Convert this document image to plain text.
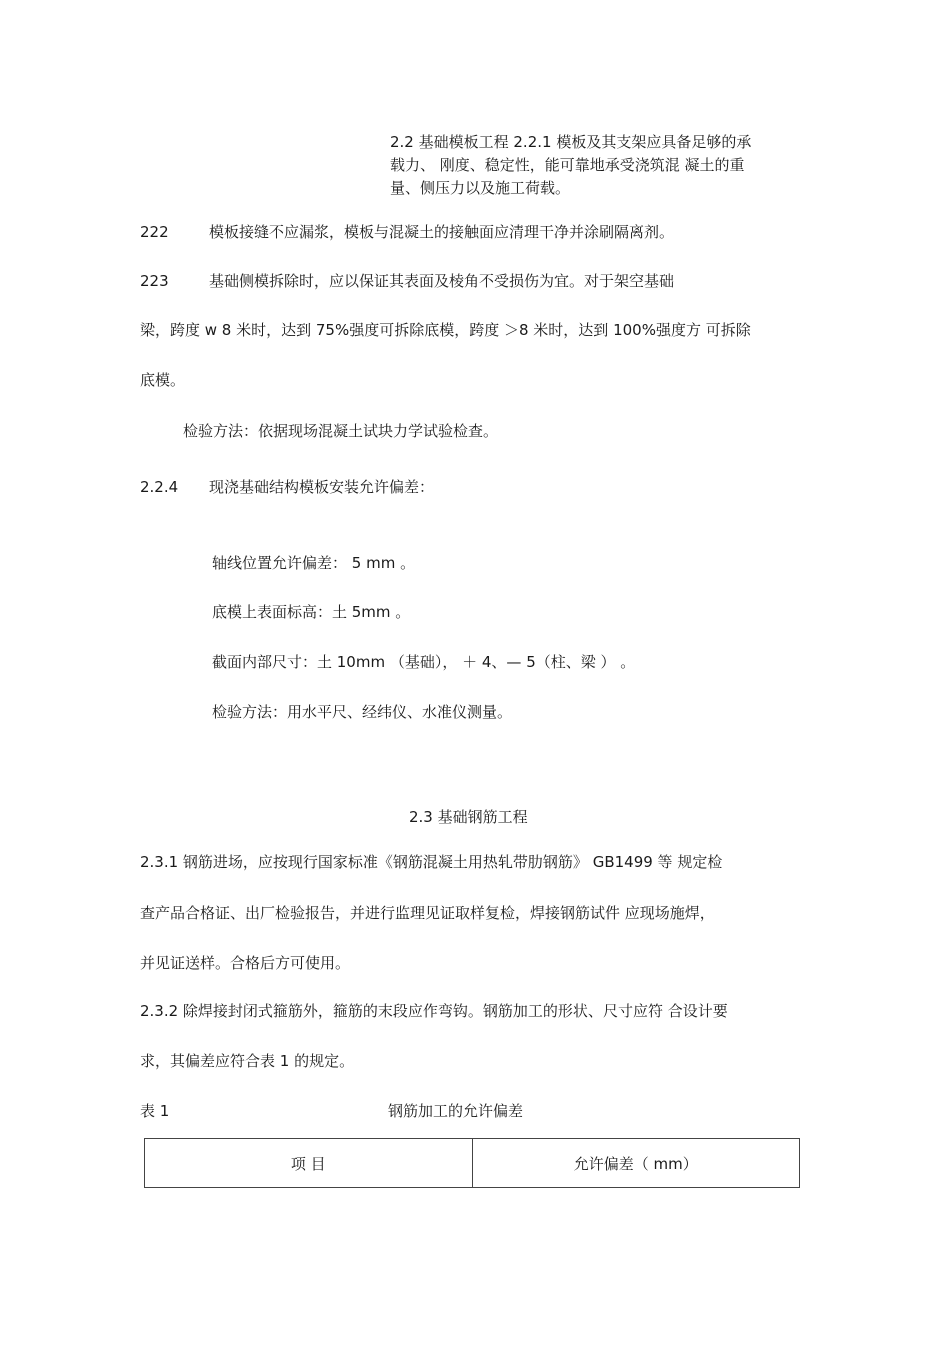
2.2 基础模板工程 2.2.1 模板及其支架应具备足够的承
载力、 刚度、稳定性，能可靠地承受浇筑混 凝土的重
量、侧压力以及施工荷载。
222	模板接缝不应漏浆，模板与混凝土的接触面应清理干净并涂刷隔离剂。
223	基础侧模拆除时，应以保证其表面及棱角不受损伤为宜。对于架空基础
梁，跨度 w 8 米时，达到 75%强度可拆除底模，跨度 ＞8 米时，达到 100%强度方 可拆除
底模。
检验方法：依据现场混凝土试块力学试验检查。
2.2.4 现浇基础结构模板安装允许偏差：
轴线位置允许偏差： 5 mm 。
底模上表面标高：土 5mm 。
截面内部尺寸：土 10mm （基础）， ＋ 4、— 5（柱、梁 ） 。
检验方法：用水平尺、经纬仪、水准仪测量。
2.3 基础钢筋工程
2.3.1 钢筋进场，应按现行国家标准《钢筋混凝土用热轧带肋钢筋》 GB1499 等 规定检
查产品合格证、出厂检验报告，并进行监理见证取样复检，焊接钢筋试件 应现场施焊，
并见证送样。合格后方可使用。
2.3.2 除焊接封闭式箍筋外，箍筋的末段应作弯钩。钢筋加工的形状、尺寸应符 合设计要
求，其偏差应符合表 1 的规定。
表 1	钢筋加工的允许偏差
项 目	允许偏差（ mm）
